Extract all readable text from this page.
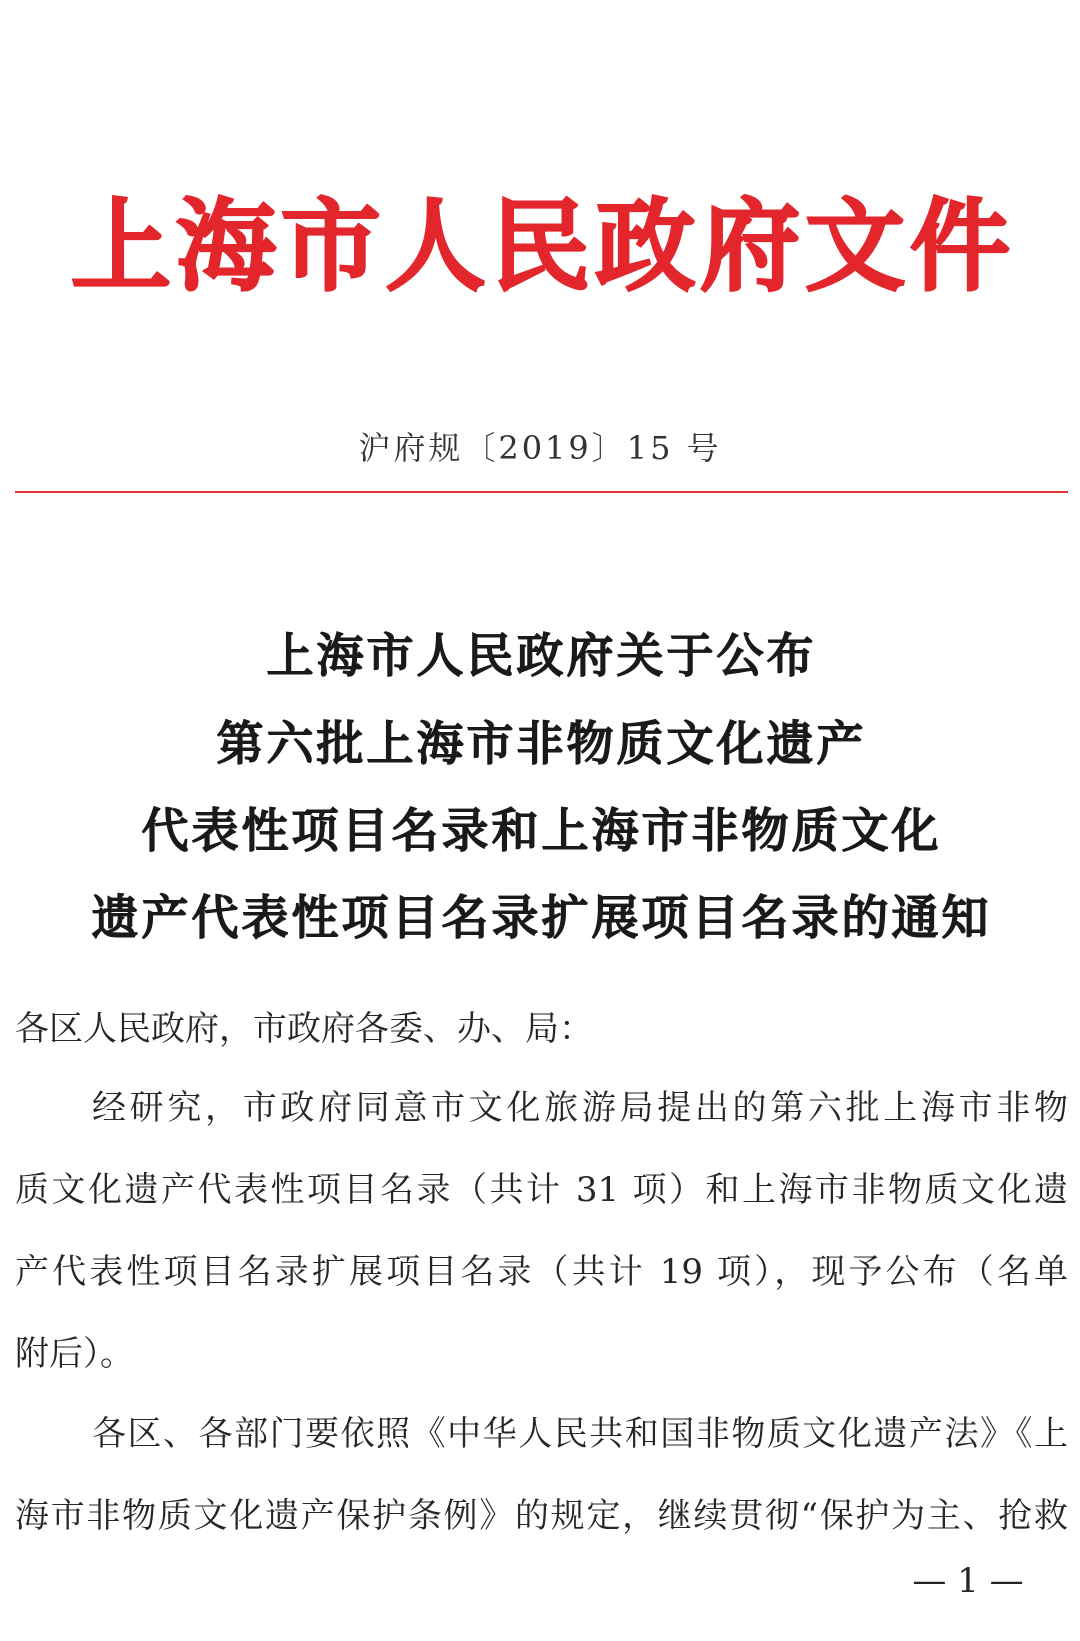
上海市人民政府文件
沪府规〔2019〕15 号
上海市人民政府关于公布
第六批上海市非物质文化遗产
代表性项目名录和上海市非物质文化
遗产代表性项目名录扩展项目名录的通知
各区人民政府，市政府各委、办、局：
经研究，市政府同意市文化旅游局提出的第六批上海市非物
质文化遗产代表性项目名录（共计 31 项）和上海市非物质文化遗
产代表性项目名录扩展项目名录（共计 19 项），现予公布（名单
附后）。
各区、各部门要依照《中华人民共和国非物质文化遗产法》《上
海市非物质文化遗产保护条例》的规定，继续贯彻“保护为主、抢救
— 1 —
